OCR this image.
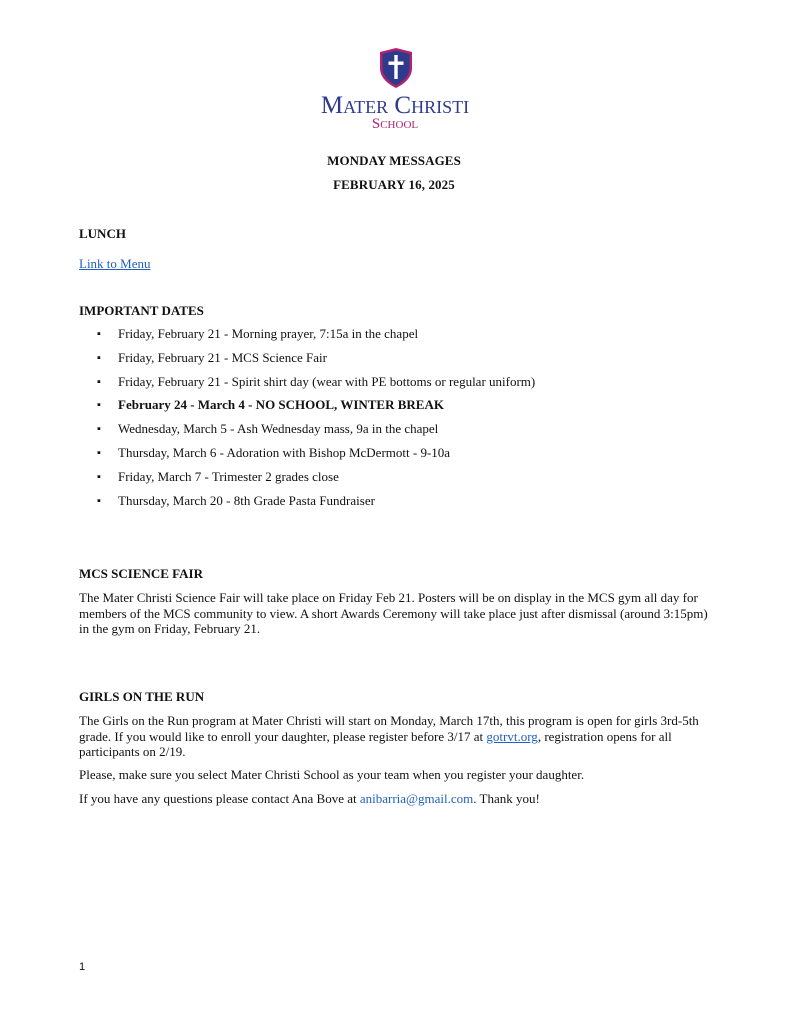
Mater Christi
School
MONDAY MESSAGES
FEBRUARY 16, 2025
LUNCH
Link to Menu
IMPORTANT DATES
▪ Friday, February 21 - Morning prayer, 7:15a in the chapel
▪ Friday, February 21 - MCS Science Fair
▪ Friday, February 21 - Spirit shirt day (wear with PE bottoms or regular uniform)
▪ February 24 - March 4 - NO SCHOOL, WINTER BREAK
▪ Wednesday, March 5 - Ash Wednesday mass, 9a in the chapel
▪ Thursday, March 6 - Adoration with Bishop McDermott - 9-10a
▪ Friday, March 7 - Trimester 2 grades close
▪ Thursday, March 20 - 8th Grade Pasta Fundraiser
MCS SCIENCE FAIR
The Mater Christi Science Fair will take place on Friday Feb 21. Posters will be on display in the MCS gym all day for members of the MCS community to view. A short Awards Ceremony will take place just after dismissal (around 3:15pm) in the gym on Friday, February 21.
GIRLS ON THE RUN
The Girls on the Run program at Mater Christi will start on Monday, March 17th, this program is open for girls 3rd-5th grade. If you would like to enroll your daughter, please register before 3/17 at gotrvt.org, registration opens for all participants on 2/19.
Please, make sure you select Mater Christi School as your team when you register your daughter.
If you have any questions please contact Ana Bove at anibarria@gmail.com. Thank you!
1
